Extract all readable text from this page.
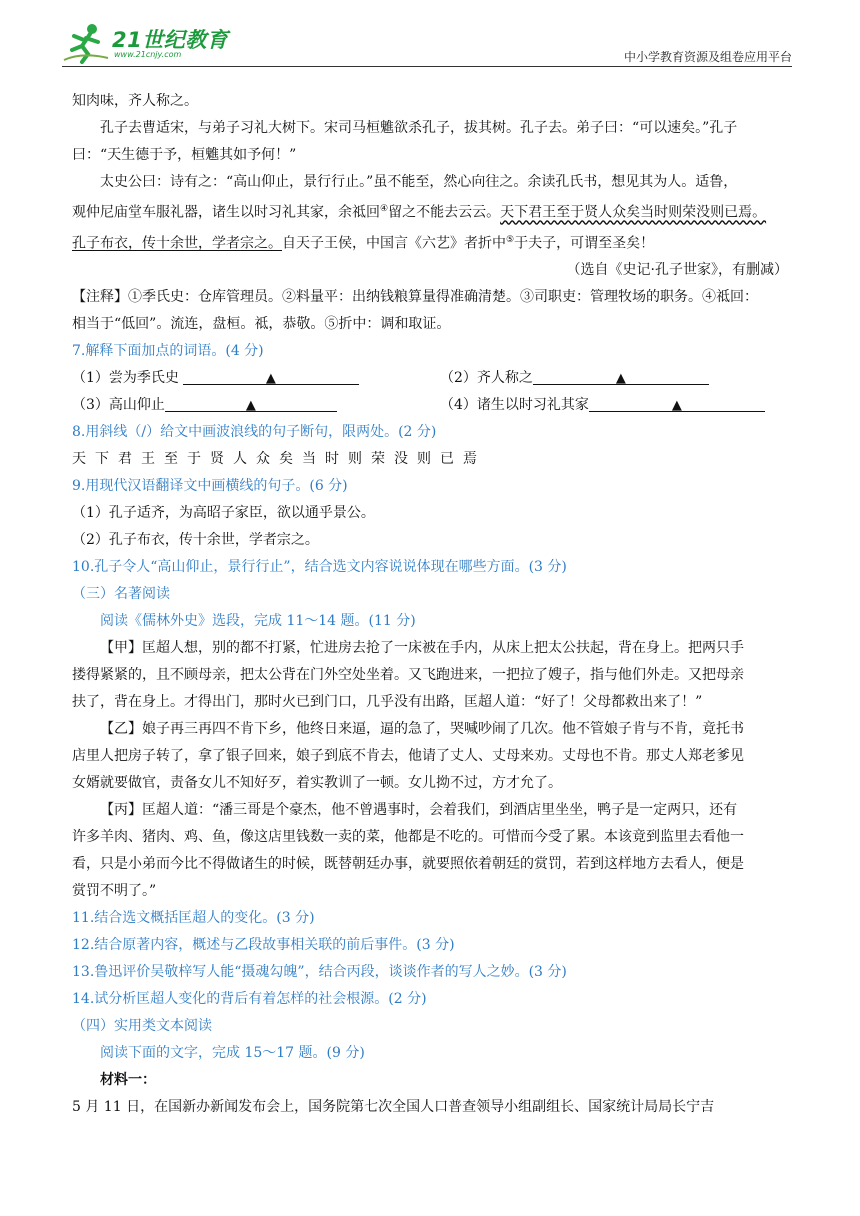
21世纪教育
www.21cnjy.com	中小学教育资源及组卷应用平台

知肉味，齐人称之。

孔子去曹适宋，与弟子习礼大树下。宋司马桓魋欲杀孔子，拔其树。孔子去。弟子曰：“可以速矣。”孔子

曰：“天生德于予，桓魋其如予何！”

太史公曰：诗有之：“高山仰止，景行行止。”虽不能至，然心向往之。余读孔氏书，想见其为人。适鲁，

观仲尼庙堂车服礼器，诸生以时习礼其家，余祗回④留之不能去云云。天下君王至于贤人众矣当时则荣没则已焉。

孔子布衣，传十余世，学者宗之。自天子王侯，中国言《六艺》者折中⑤于夫子，可谓至圣矣！

（选自《史记·孔子世家》，有删减）

【注释】①季氏史：仓库管理员。②料量平：出纳钱粮算量得准确清楚。③司职吏：管理牧场的职务。④祗回：

相当于“低回”。流连，盘桓。祗，恭敬。⑤折中：调和取证。

7.解释下面加点的词语。(4 分)

（1）尝为季氏史	▲	（2）齐人称之	▲
（3）高山仰止	▲	（4）诸生以时习礼其家	▲

8.用斜线（/）给文中画波浪线的句子断句，限两处。(2 分)

天下君王至于贤人众矣当时则荣没则已焉

9.用现代汉语翻译文中画横线的句子。(6 分)

（1）孔子适齐，为高昭子家臣，欲以通乎景公。

（2）孔子布衣，传十余世，学者宗之。

10.孔子令人“高山仰止，景行行止”，结合选文内容说说体现在哪些方面。(3 分)

（三）名著阅读

阅读《儒林外史》选段，完成 11～14 题。(11 分)

【甲】匡超人想，别的都不打紧，忙进房去抢了一床被在手内，从床上把太公扶起，背在身上。把两只手

搂得紧紧的，且不顾母亲，把太公背在门外空处坐着。又飞跑进来，一把拉了嫂子，指与他们外走。又把母亲

扶了，背在身上。才得出门，那时火已到门口，几乎没有出路，匡超人道：“好了！父母都救出来了！”

【乙】娘子再三再四不肯下乡，他终日来逼，逼的急了，哭喊吵闹了几次。他不管娘子肯与不肯，竟托书

店里人把房子转了，拿了银子回来，娘子到底不肯去，他请了丈人、丈母来劝。丈母也不肯。那丈人郑老爹见

女婿就要做官，责备女儿不知好歹，着实教训了一顿。女儿拗不过，方才允了。

【丙】匡超人道：“潘三哥是个豪杰，他不曾遇事时，会着我们，到酒店里坐坐，鸭子是一定两只，还有

许多羊肉、猪肉、鸡、鱼，像这店里钱数一卖的菜，他都是不吃的。可惜而今受了累。本该竟到监里去看他一

看，只是小弟而今比不得做诸生的时候，既替朝廷办事，就要照依着朝廷的赏罚，若到这样地方去看人，便是

赏罚不明了。”

11.结合选文概括匡超人的变化。(3 分)

12.结合原著内容，概述与乙段故事相关联的前后事件。(3 分)

13.鲁迅评价吴敬梓写人能“摄魂勾魄”，结合丙段，谈谈作者的写人之妙。(3 分)

14.试分析匡超人变化的背后有着怎样的社会根源。(2 分)

（四）实用类文本阅读

阅读下面的文字，完成 15～17 题。(9 分)

材料一：

5 月 11 日，在国新办新闻发布会上，国务院第七次全国人口普查领导小组副组长、国家统计局局长宁吉
